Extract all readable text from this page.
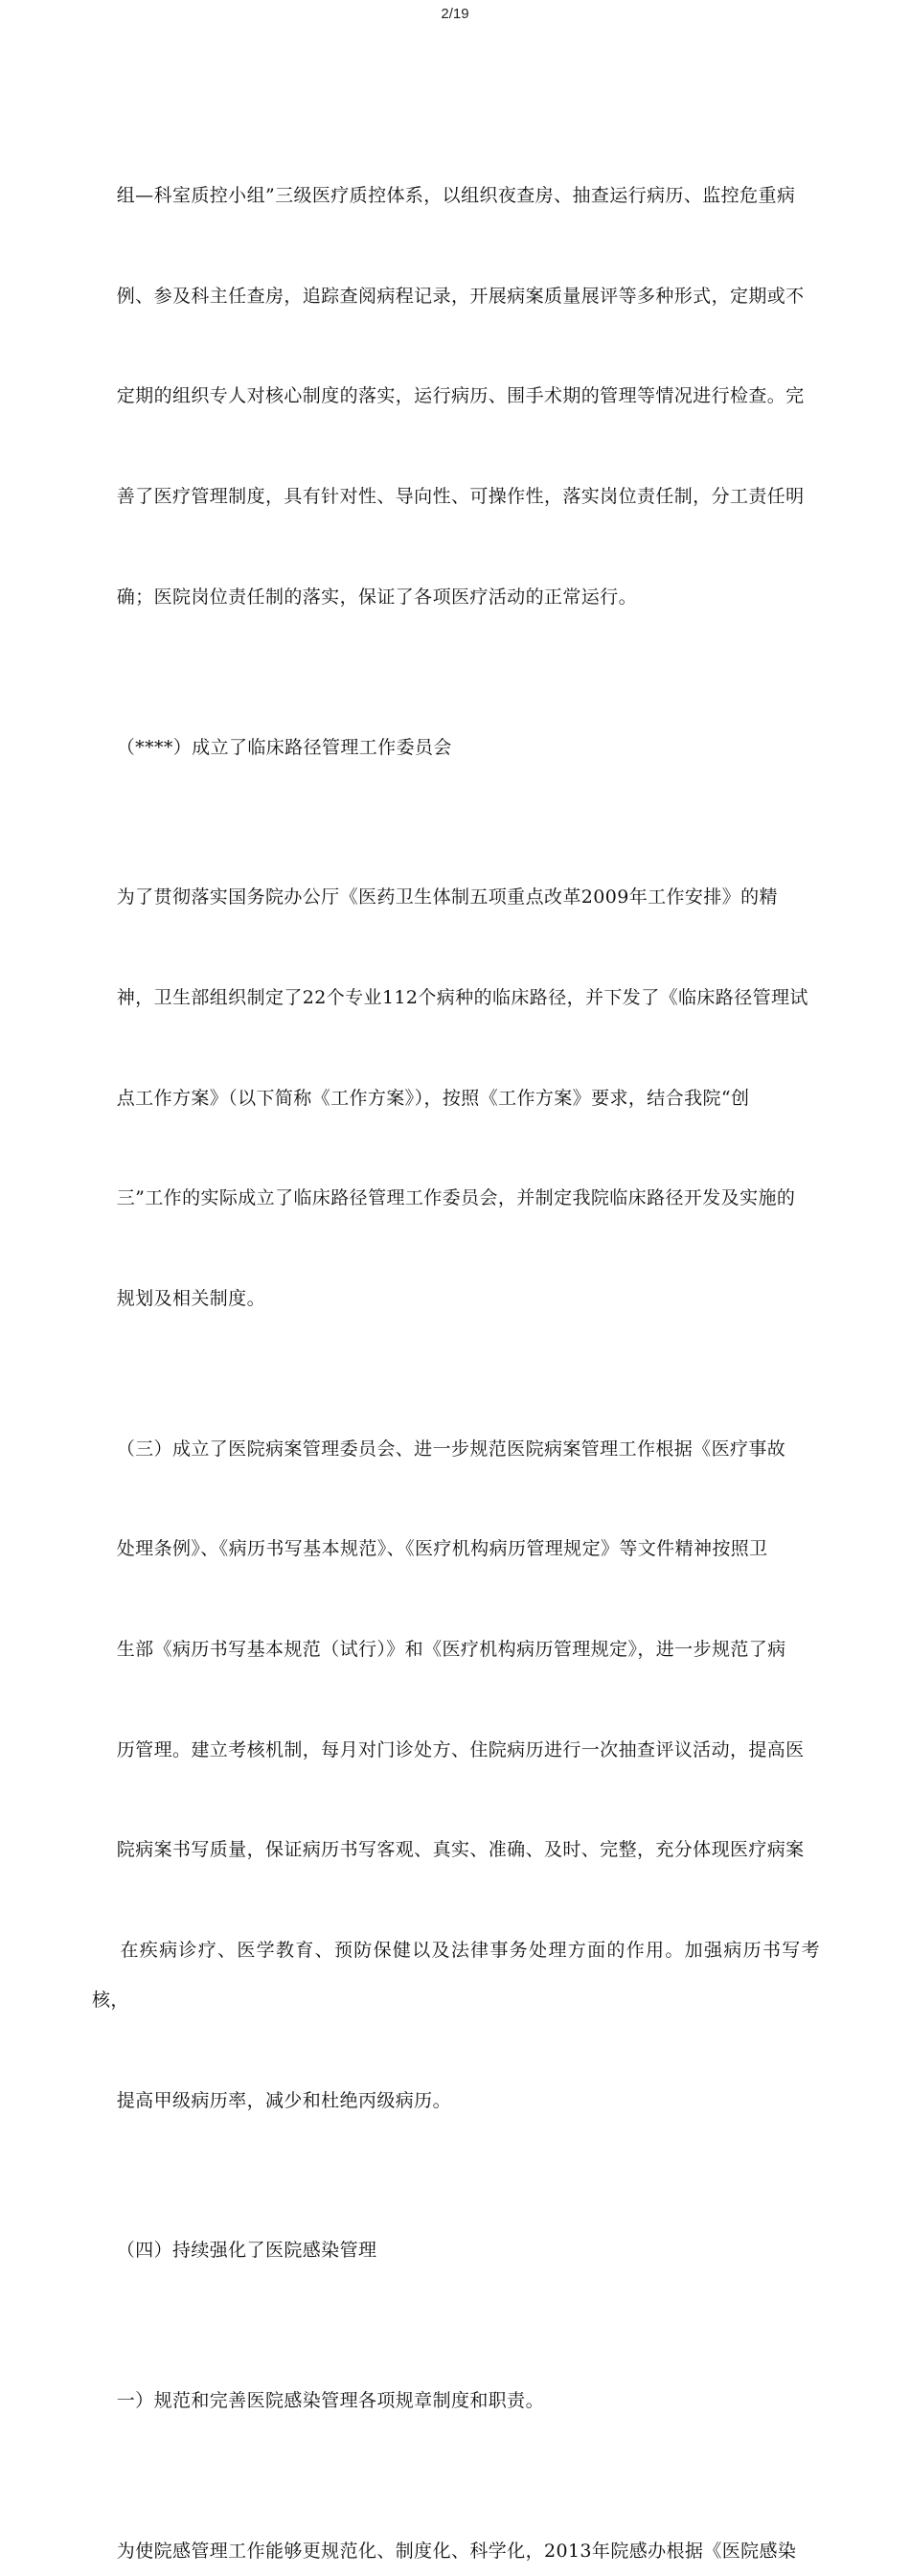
2/19

组—科室质控小组”三级医疗质控体系，以组织夜查房、抽查运行病历、监控危重病

例、参及科主任查房，追踪查阅病程记录，开展病案质量展评等多种形式，定期或不

定期的组织专人对核心制度的落实，运行病历、围手术期的管理等情况进行检查。完

善了医疗管理制度，具有针对性、导向性、可操作性，落实岗位责任制，分工责任明

确；医院岗位责任制的落实，保证了各项医疗活动的正常运行。

（****）成立了临床路径管理工作委员会

为了贯彻落实国务院办公厅《医药卫生体制五项重点改革2009年工作安排》的精

神，卫生部组织制定了22个专业112个病种的临床路径，并下发了《临床路径管理试

点工作方案》（以下简称《工作方案》），按照《工作方案》要求，结合我院“创

三”工作的实际成立了临床路径管理工作委员会，并制定我院临床路径开发及实施的

规划及相关制度。

（三）成立了医院病案管理委员会、进一步规范医院病案管理工作根据《医疗事故

处理条例》、《病历书写基本规范》、《医疗机构病历管理规定》等文件精神按照卫

生部《病历书写基本规范（试行）》和《医疗机构病历管理规定》，进一步规范了病

历管理。建立考核机制，每月对门诊处方、住院病历进行一次抽查评议活动，提高医

院病案书写质量，保证病历书写客观、真实、准确、及时、完整，充分体现医疗病案

在疾病诊疗、医学教育、预防保健以及法律事务处理方面的作用。加强病历书写考核，

提高甲级病历率，减少和杜绝丙级病历。

（四）持续强化了医院感染管理

一）规范和完善医院感染管理各项规章制度和职责。

为使院感管理工作能够更规范化、制度化、科学化，2013年院感办根据《医院感染
